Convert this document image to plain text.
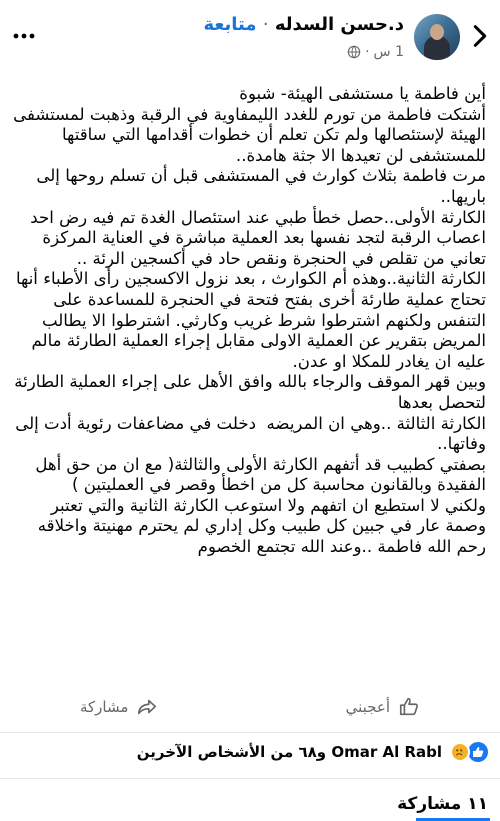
د.حسن السدله · متابعة
1 س
·
أين فاطمة يا مستشفى الهيئة- شبوة
أشتكت فاطمة من تورم للغدد الليمفاوية في الرقبة وذهبت لمستشفى الهيئة لإستئصالها ولم تكن تعلم أن خطوات أقدامها التي ساقتها للمستشفى لن تعيدها الا جثة هامدة..
مرت فاطمة بثلاث كوارث في المستشفى قبل أن تسلم روحها إلى باريها..
الكارثة الأولى..حصل خطأ طبي عند استئصال الغدة تم فيه رض احد اعصاب الرقبة لتجد نفسها بعد العملية مباشرة في العناية المركزة تعاني من تقلص في الحنجرة ونقص حاد في أكسجين الرئة ..
الكارثة الثانية..وهذه أم الكوارث ، بعد نزول الاكسجين رأى الأطباء أنها تحتاج عملية طارئة أخرى بفتح فتحة في الحنجرة للمساعدة على التنفس ولكنهم اشترطوا شرط غريب وكارثي. اشترطوا الا يطالب المريض بتقرير عن العملية الاولى مقابل إجراء العملية الطارئة مالم عليه ان يغادر للمكلا او عدن.
وبين قهر الموقف والرجاء بالله وافق الأهل على إجراء العملية الطارئة لتحصل بعدها
الكارثة الثالثة ..وهي ان المريضه  دخلت في مضاعفات رئوية أدت إلى وفاتها..
بصفتي كطبيب قد أتفهم الكارثة الأولى والثالثة( مع ان من حق أهل الفقيدة وبالقانون محاسبة كل من اخطأ وقصر في العمليتين )
ولكني لا استطيع ان اتفهم ولا استوعب الكارثة الثانية والتي تعتبر وصمة عار في جبين كل طبيب وكل إداري لم يحترم مهنيتة واخلاقه
رحم الله فاطمة ..وعند الله تجتمع الخصوم
أعجبني
مشاركة
Omar Al Rabl و٦٨ من الأشخاص الآخرين
١١ مشاركة
